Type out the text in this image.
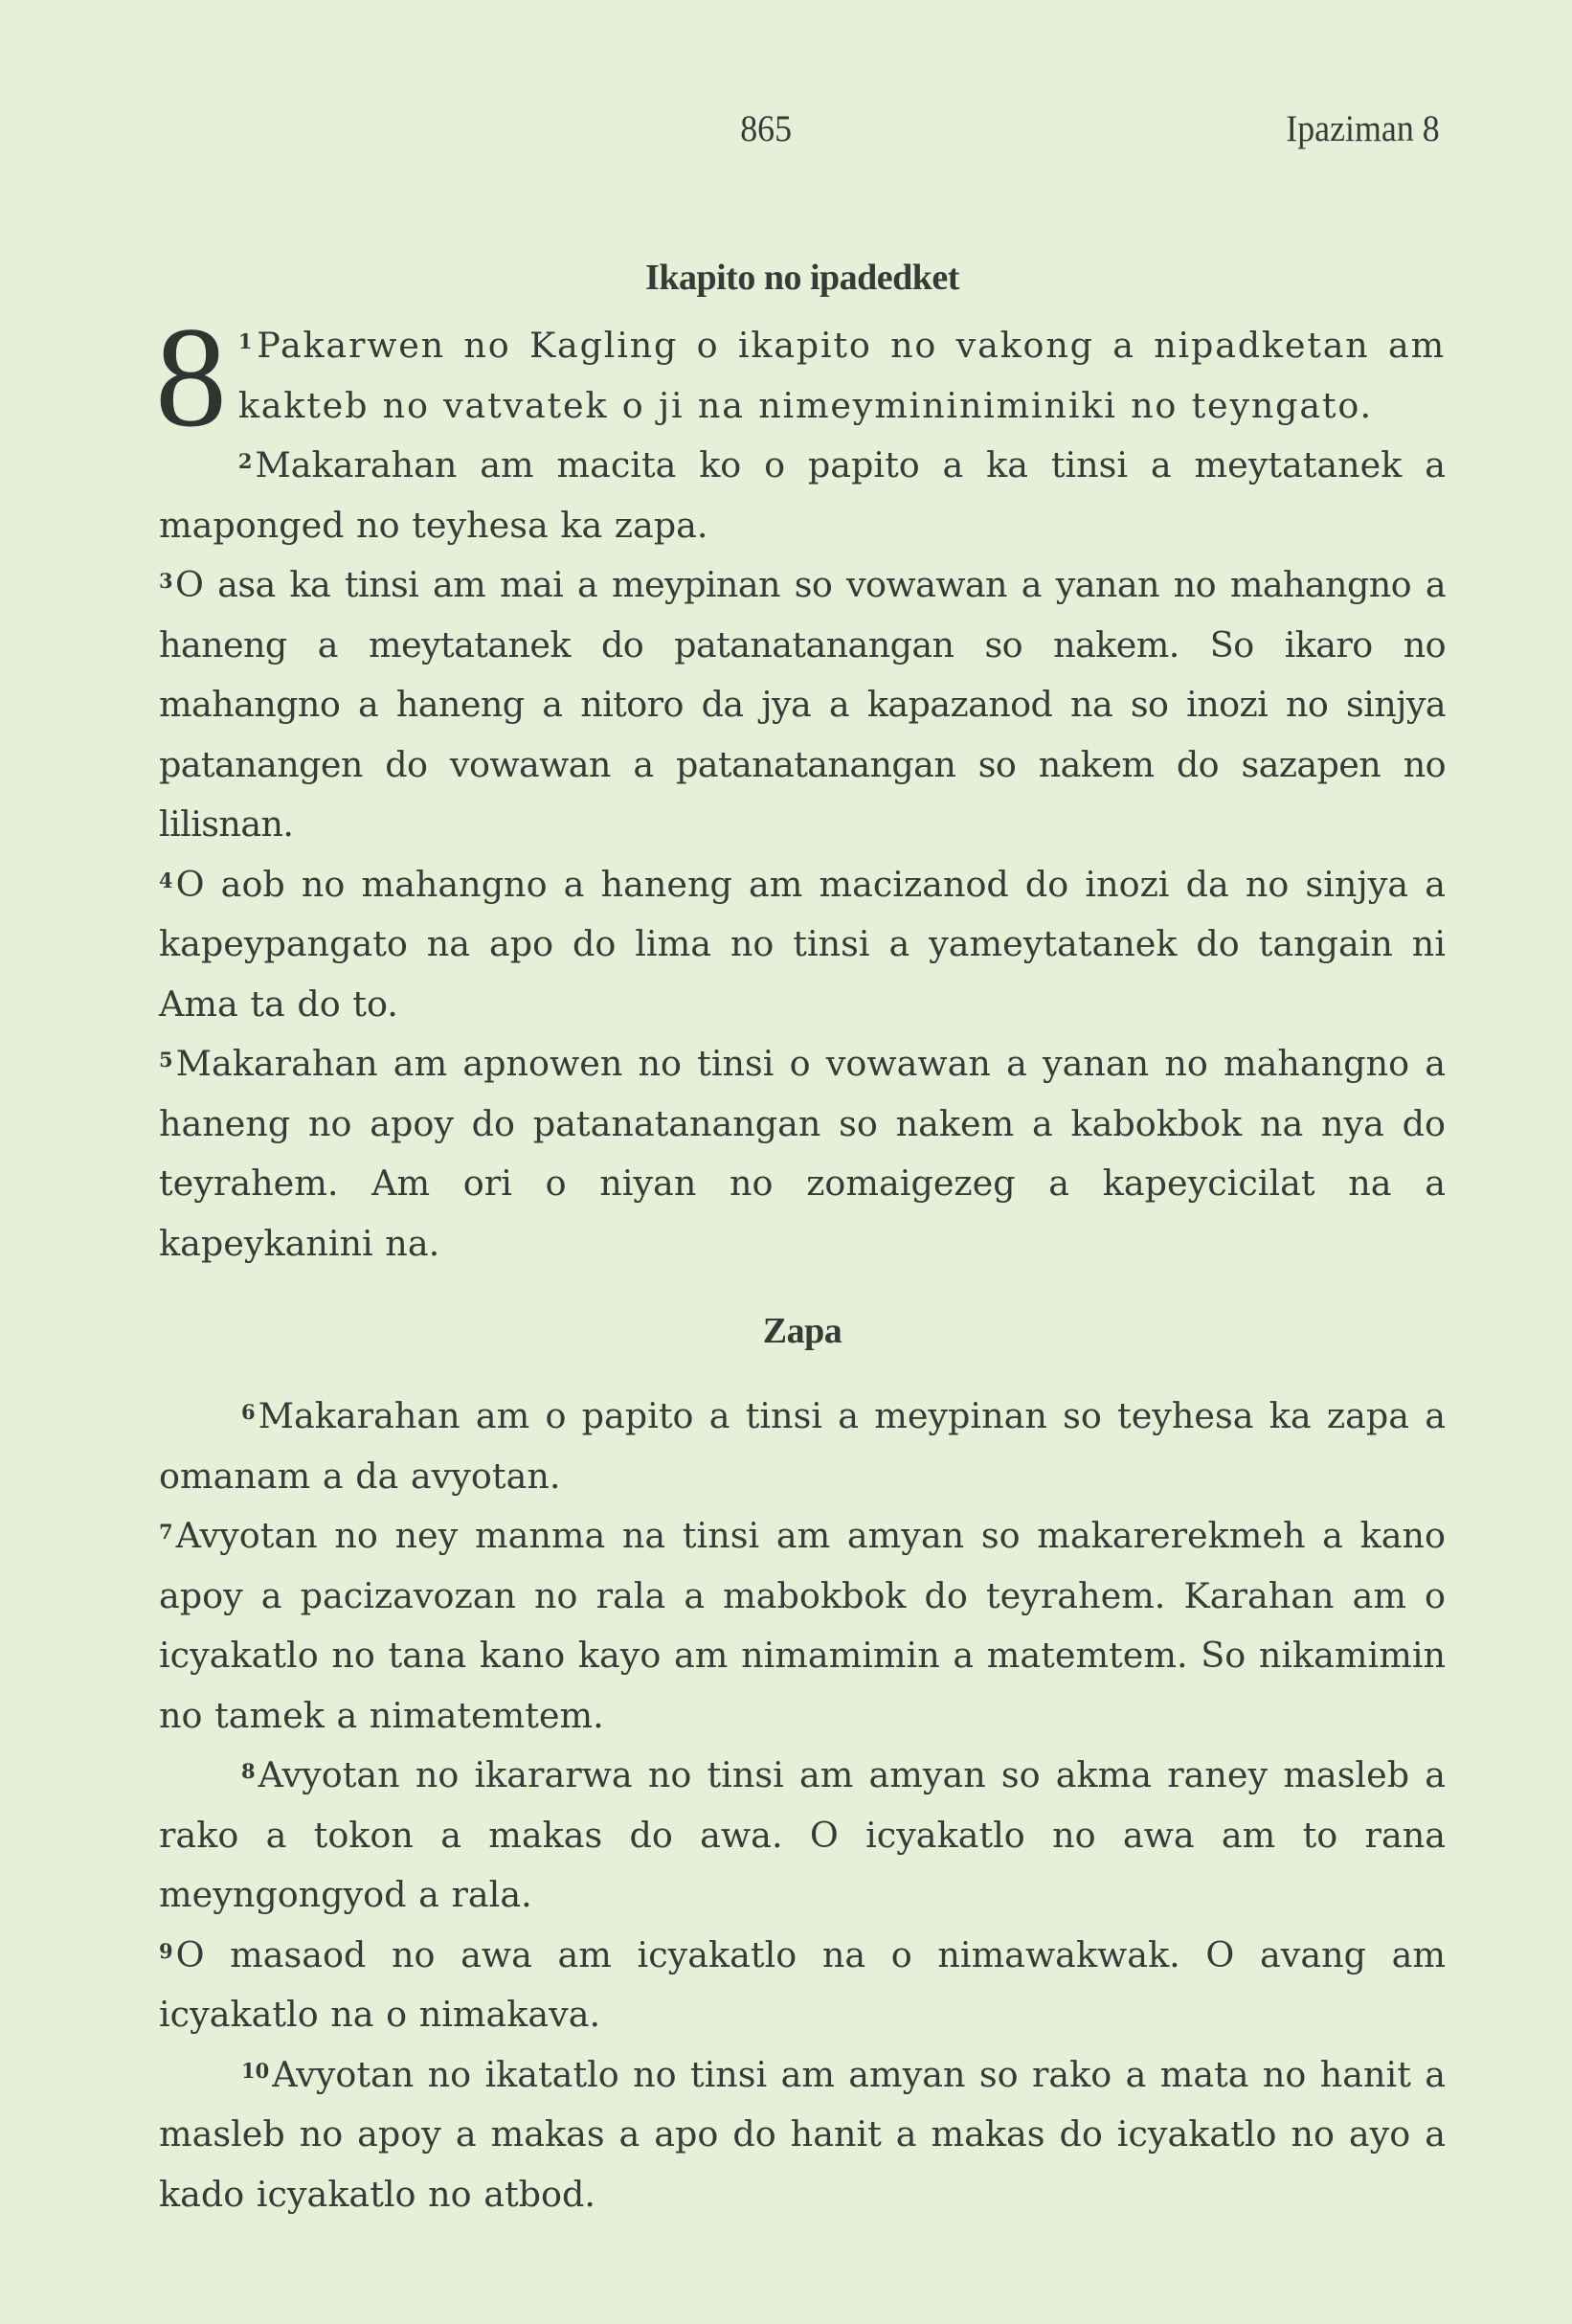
865	Ipaziman 8
Ikapito no ipadedket

8 $^1$Pakarwen no Kagling o ikapito no vakong a nipadketan am kakteb no vatvatek o ji na nimeymininiminiki no teyngato.

$^2$Makarahan am macita ko o papito a ka tinsi a meytatanek a maponged no teyhesa ka zapa.

$^3$O asa ka tinsi am mai a meypinan so vowawan a yanan no mahangno a haneng a meytatanek do patanatanangan so nakem. So ikaro no mahangno a haneng a nitoro da jya a kapazanod na so inozi no sinjya patanangen do vowawan a patanatanangan so nakem do sazapen no lilisnan.

$^4$O aob no mahangno a haneng am macizanod do inozi da no sinjya a kapeypangato na apo do lima no tinsi a yameytatanek do tangain ni Ama ta do to.

$^5$Makarahan am apnowen no tinsi o vowawan a yanan no mahangno a haneng no apoy do patanatanangan so nakem a kabokbok na nya do teyrahem. Am ori o niyan no zomaigezeg a kapeycicilat na a kapeykanini na.

Zapa

$^6$Makarahan am o papito a tinsi a meypinan so teyhesa ka zapa a omanam a da avyotan.

$^7$Avyotan no ney manma na tinsi am amyan so makarerekmeh a kano apoy a pacizavozan no rala a mabokbok do teyrahem. Karahan am o icyakatlo no tana kano kayo am nimamimin a matemtem. So nikamimin no tamek a nimatemtem.

$^8$Avyotan no ikararwa no tinsi am amyan so akma raney masleb a rako a tokon a makas do awa. O icyakatlo no awa am to rana meyngongyod a rala.

$^9$O masaod no awa am icyakatlo na o nimawakwak. O avang am icyakatlo na o nimakava.

$^{10}$Avyotan no ikatatlo no tinsi am amyan so rako a mata no hanit a masleb no apoy a makas a apo do hanit a makas do icyakatlo no ayo a kado icyakatlo no atbod.
